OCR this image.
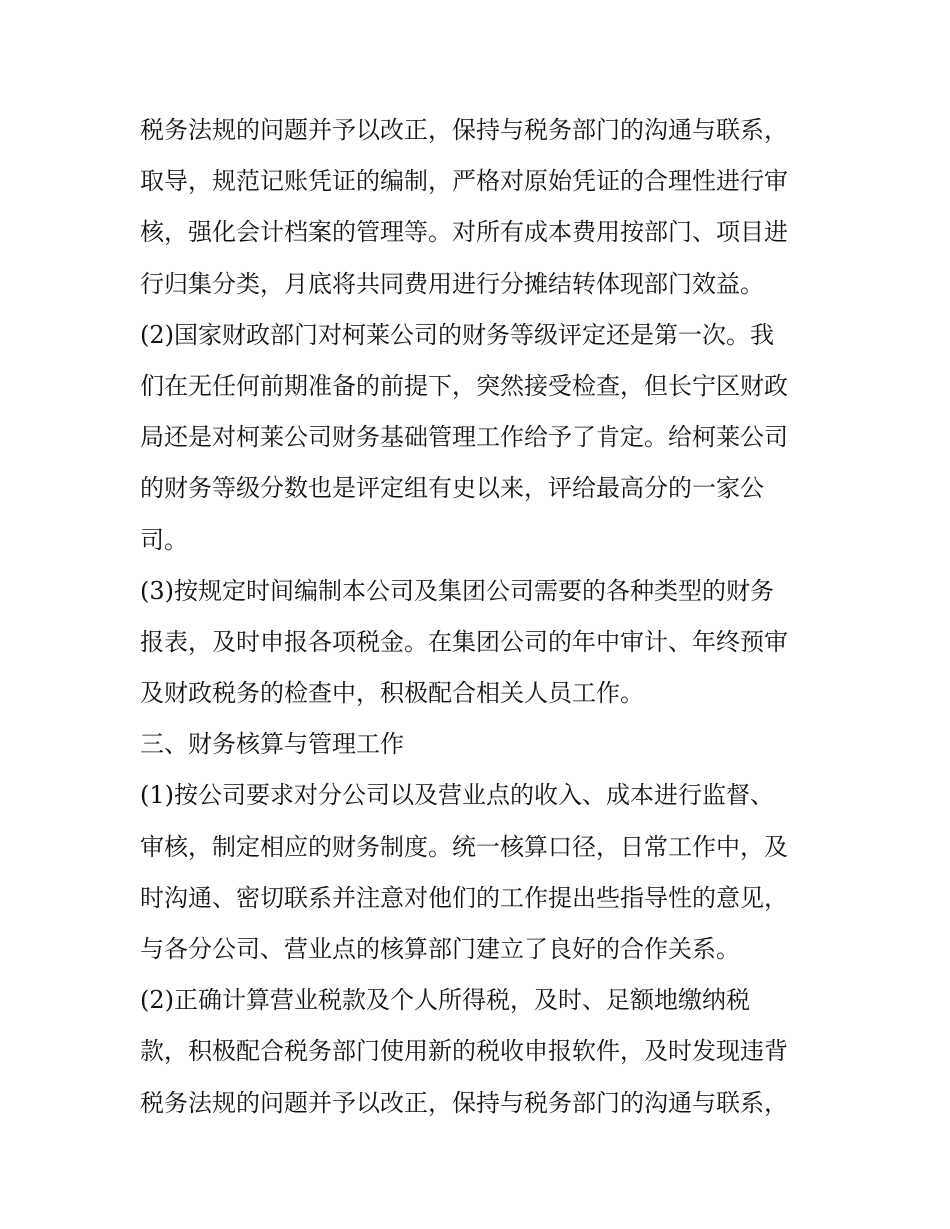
税务法规的问题并予以改正，保持与税务部门的沟通与联系，
取导，规范记账凭证的编制，严格对原始凭证的合理性进行审
核，强化会计档案的管理等。对所有成本费用按部门、项目进
行归集分类，月底将共同费用进行分摊结转体现部门效益。
(2)国家财政部门对柯莱公司的财务等级评定还是第一次。我
们在无任何前期准备的前提下，突然接受检查，但长宁区财政
局还是对柯莱公司财务基础管理工作给予了肯定。给柯莱公司
的财务等级分数也是评定组有史以来，评给最高分的一家公
司。
(3)按规定时间编制本公司及集团公司需要的各种类型的财务
报表，及时申报各项税金。在集团公司的年中审计、年终预审
及财政税务的检查中，积极配合相关人员工作。
三、财务核算与管理工作
(1)按公司要求对分公司以及营业点的收入、成本进行监督、
审核，制定相应的财务制度。统一核算口径，日常工作中，及
时沟通、密切联系并注意对他们的工作提出些指导性的意见，
与各分公司、营业点的核算部门建立了良好的合作关系。
(2)正确计算营业税款及个人所得税，及时、足额地缴纳税
款，积极配合税务部门使用新的税收申报软件，及时发现违背
税务法规的问题并予以改正，保持与税务部门的沟通与联系，
